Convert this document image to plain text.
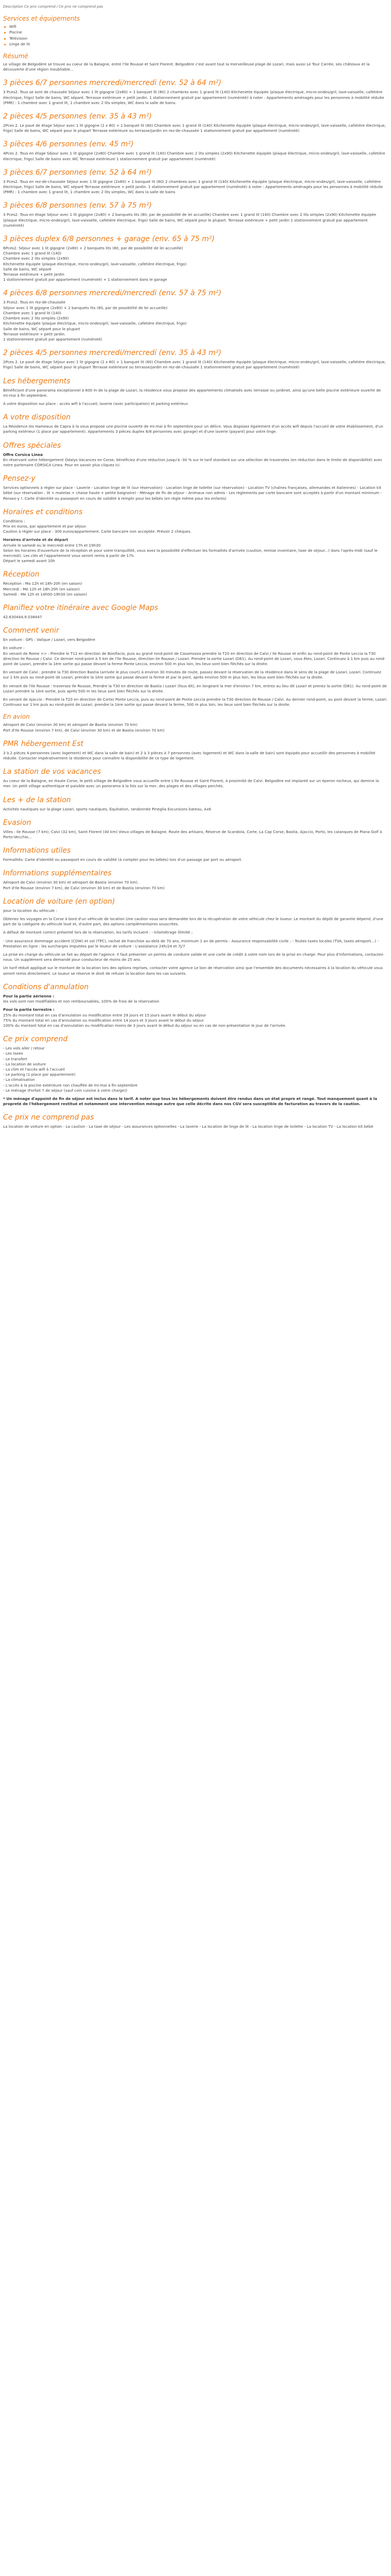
Description Ce prix comprend / Ce prix ne comprend pas
Services et équipements
Wifi
Piscine
Télévision
Linge de lit
Résumé

Le village de Belgodère se trouve au coeur de la Balagne, entre l'Ile Rousse et Saint Florent. Belgodère c'est avant tout la merveilleuse plage de Lozari, mais aussi Le Tour Carrée, ses châteaux et la découverte d'une région inoubliable...

3 pièces 6/7 personnes mercredi/mercredi (env. 52 à 64 m²)

3 Pces2. Tous se sont de chaussée Séjour avec 1 lit gigogne (2x80) + 1 banquet lit (80) 2 chambres avec 1 grand lit (140) Kitchenette équipée (plaque électrique, micro-ondes/gril, lave-vaisselle, cafetière électrique, frigo) Salle de bains, WC séparé. Terrasse extérieure + petit jardin. 1 stationnement gratuit par appartement (numéroté) à noter : Appartements aménagés pour les personnes à mobilité réduite (PMR) : 1 chambre avec 1 grand lit, 1 chambre avec 2 lits simples, WC dans la salle de bains.

2 pièces 4/5 personnes (env. 35 à 43 m²)

2Pces 2. Le pavé de étage Séjour avec 1 lit gigogne (2 x 80) + 1 banquet lit (80) Chambre avec 1 grand lit (140) Kitchenette équipée (plaque électrique, micro-ondes/gril, lave-vaisselle, cafetière électrique, frigo) Salle de bains, WC séparé pour le plupart Terrasse extérieure ou terrasse/jardin en rez-de-chaussée 1 stationnement gratuit par appartement (numéroté)

3 pièces 4/6 personnes (env. 45 m²)

4Pces 2. Tous en étage Séjour avec 1 lit gigogne (2x80) Chambre avec 1 grand lit (140) Chambre avec 2 lits simples (2x90) Kitchenette équipée (plaque électrique, micro-ondes/gril, lave-vaisselle, cafetière électrique, frigo) Salle de bains avec WC Terrasse extérieure 1 stationnement gratuit par appartement (numéroté)

3 pièces 6/7 personnes (env. 52 à 64 m²)

3 Pces2. Tous en rez-de-chaussée Séjour avec 1 lit gigogne (2x80) + 1 banquet lit (80) 2 chambres avec 1 grand lit (140) Kitchenette équipée (plaque électrique, micro-ondes/gril, lave-vaisselle, cafetière électrique, frigo) Salle de bains, WC séparé Terrasse extérieure + petit jardin. 1 stationnement gratuit par appartement (numéroté) à noter : Appartements aménagés pour les personnes à mobilité réduite (PMR) : 1 chambre avec 1 grand lit, 1 chambre avec 2 lits simples, WC dans la salle de bains

3 pièces 6/8 personnes (env. 57 à 75 m²)

3 Pces2. Tous en étage Séjour avec 1 lit gigogne (2x80) + 2 banquets lits (80, par de possibilité de lei accueille) Chambre avec 1 grand lit (140) Chambre avec 2 lits simples (2x90) Kitchenette équipée (plaque électrique, micro-ondes/gril, lave-vaisselle, cafetière électrique, frigo) Salle de bains, WC séparé pour le plupart. Terrasse extérieure + petit jardin 1 stationnement gratuit par appartement (numéroté)

3 pièces duplex 6/8 personnes + garage (env. 65 à 75 m²)
6Pces2. Séjour avec 1 lit gigogne (2x80) + 2 banquets lits (80, par de possibilité de lei accueille)
Chambre avec 1 grand lit (140)
Chambre avec 2 lits simples (2x90)
Kitchenette équipée (plaque électrique, micro-ondes/gril, lave-vaisselle, cafetière électrique, frigo)
Salle de bains, WC séparé
Terrasse extérieure + petit jardin
1 stationnement gratuit par appartement (numéroté) + 1 stationnement dans le garage
4 pièces 6/8 personnes mercredi/mercredi (env. 57 à 75 m²)
3 Pces2. Tous en rez-de-chaussée
Séjour avec 1 lit gigogne (2x80) + 2 banquets lits (80, par de possibilité de lei accueille)
Chambre avec 1 grand lit (140)
Chambre avec 2 lits simples (2x90)
Kitchenette équipée (plaque électrique, micro-ondes/gril, lave-vaisselle, cafetière électrique, frigo)
Salle de bains, WC séparé pour le plupart
Terrasse extérieure + petit jardin.
1 stationnement gratuit par appartement (numéroté)
2 pièces 4/5 personnes mercredi/mercredi (env. 35 à 43 m²)

2Pces 2. Le pavé de étage Séjour avec 1 lit gigogne (2 x 80) + 1 banquet lit (80) Chambre avec 1 grand lit (140) Kitchenette équipée (plaque électrique, micro-ondes/gril, lave-vaisselle, cafetière électrique, frigo) Salle de bains, WC séparé pour le plupart Terrasse extérieure ou terrasse/jardin en rez-de-chaussée 1 stationnement gratuit par appartement (numéroté)

Les hébergements

Bénéficiant d'une panorama exceptionnel à 600 m de la plage de Lozari, la résidence vous propose des appartements climatisés avec terrasse ou jardinet, ainsi qu'une belle piscine extérieure ouverte de mi-mai à fin septembre.

À votre disposition sur place : accès wifi à l'accueil, laverie (avec participation) et parking extérieur.

A votre disposition

La Résidence les Hameaux de Capra à la vous propose une piscine ouverte de mi-mai à fin septembre pour un délice. Vous disposez également d'un accès wifi depuis l'accueil de votre établissement, d'un parking extérieur (1 place par appartement). Appartements 3 pièces duplex 6/8 personnes avec garage) et d'une laverie (payant) pour votre linge.

Offres spéciales

Offre Corsica Linea

En réservant votre hébergement Odalys Vacances en Corse, bénéficiez d'une réduction jusqu'à -30 % sur le tarif standard sur une sélection de traversées (en réduction dans le limite de disponibilité) avec notre partenaire CORSICA Linea. Pour en savoir plus cliquez ici.

Pensez-y

Services optionnels à régler sur place - Laverie - Location linge de lit (sur réservation) - Location linge de toilette (sur réservation) - Location TV (chaînes françaises, allemandes et italiennes) - Location kit bébé (sur réservation : lit + matelas + chaise haute + petite baignoire) - Ménage de fin de séjour - Animaux non admis - Les règlements par carte bancaire sont acceptés à partir d'un montant minimum - Pensez-y !: Carte d'identité ou passeport en cours de validité à remplir pour les bébés (en règle même pour les enfants)

Horaires et conditions
Conditions :
Prix en euros, par appartement et par séjour.
Caution à régler sur place : 300 euros/appartement. Carte bancaire non acceptée. Prévoir 2 chèques.
Horaires d'arrivée et de départ
Arrivée le samedi ou le mercredi entre 17h et 19h30
Selon les horaires d'ouverture de la réception et pour votre tranquillité, vous avez la possibilité d'effectuer les formalités d'arrivée (caution, remise inventaire, taxe de séjour...) dans l'après-midi (sauf le mercredi). Les clés et l'appartement vous seront remis à partir de 17h.
Départ le samedi avant 10h
Réception
Réception : Ma 12h et 18h-20h (en saison)
Mercredi : Me 12h et 18h-20h (en saison)
Samedi : Me 12h et 14h00-19h30 (en saison)
Planifiez votre itinéraire avec Google Maps

42.630444,9.038447

Comment venir

En voiture : GPS : Valique / Lozari, vers Belgodère

En voiture :

En venant de Rome => : Prendre le T12 en direction de Bonifacio, puis au grand rond-point de Casamozza prendre la T20 en direction de Calvi / Ile Rousse et enfin au rond-point de Ponte Leccia la T30 direction Ile Rousse / Calvi. Ce dernier rond-point à 5 km de l'Ile Rousse, direction Ile Rousse / Lozari. Prendre la sortie Lozari (D81). Au rond-point de Lozari, vous êtes, Lozari. Continuez à 1 km puis au rond-point de Lozari, prendre la 1ère sortie qui passe devant la ferme Ponte Leccia, environ 500 m plus loin, les lieux sont bien fléchés sur la droite.

En venant de Calvi : prendre la T30 direction Bastia (arrivée le plus court) à environ 30 minutes de route, passez devant la réservation de la résidence dans le sens de la plage de Lozari, Lozari. Continuez sur 1 km puis au rond-point de Lozari, prendre la 1ère sortie qui passe devant la ferme et par le pont, après environ 500 m plus loin, les lieux sont bien fléchés sur la droite.

En venant de l'Ile Rousse : traversez Ile Rousse, Prendre la T30 en direction de Bastia / Lozari (fous dit), en longeant la mer d'environ 7 km, entrez au lieu dit Lozari et prenez la sortie (D81). Au rond-point de Lozari prendre la 1ère sortie, puis après 500 m les lieux sont bien fléchés sur la droite.

En venant de Ajaccio : Prendre la T20 en direction de Corte/ Ponte Leccia, puis au rond-point de Ponte Leccia prendre la T30 direction Ile Rousse / Calvi. Au dernier rond-point, au pont devant la ferme, Lozari. Continuez sur 1 km puis au rond-point de Lozari, prendre la 1ère sortie qui passe devant la ferme, 500 m plus loin, les lieux sont bien fléchés sur la droite.

En avion
Aéroport de Calvi (environ 30 km) et aéroport de Bastia (environ 70 km)
Port d'Ile Rousse (environ 7 km), de Calvi (environ 30 km) et de Bastia (environ 70 km)
PMR hébergement Est

3 à 2 pièces 4 personnes (avec logement) et WC dans la salle de bain) et 2 à 3 pièces à 7 personnes (avec logement) et WC dans la salle de bain) sont équipés pour accueillir des personnes à mobilité réduite. Contacter impérativement la résidence pour connaître la disponibilité de ce type de logement.

La station de vos vacances

Au coeur de la Balagne, en Haute Corse, le petit village de Belgodère vous accueille entre L'Ile Rousse et Saint Florent, à proximité de Calvi. Belgodère est implanté sur un éperon rocheux, qui domine la mer. Un petit village authentique et paisible avec un panorama à la fois sur la mer, des plages et des villages perchés.

Les + de la station

Activités nautiques sur la plage Lozari, sports nautiques, Équitation, randonnée Pineglia Excursions bateau, Ax6

Evasion

Villes : Ile Rousse (7 km), Calvi (32 km), Saint Florent (40 km) Vieux villages de Balagne. Route des artisans, Réserve de Scandola, Corte, La Cap Corse, Bastia, Ajaccio, Porto, les calanques de Piana Golf à Porto-Vecchio...

Informations utiles

Formalités: Carte d'identité ou passeport en cours de validité (à compter pour les bébés) lors d'un passage par port ou aéroport.

Informations supplémentaires
Aéroport de Calvi (environ 30 km) et aéroport de Bastia (environ 70 km).
Port d'Ile Rousse (environ 7 km), de Calvi (environ 30 km) et de Bastia (environ 70 km)
Location de voiture (en option)

pour la location du véhicule :

Obtenez les voyages en la Corse à bord d'un véhicule de location Une caution vous sera demandée lors de la récupération de votre véhicule chez le loueur. Le montant du dépôt de garantie dépend, d'une part de la catégorie du véhicule loué et, d'autre part, des options complémentaires souscrites.

A défaut de montant correct présenté lors de la réservation, les tarifs incluent : - kilométrage illimité ;

- Une assurance dommage accident (CDW) et vol (TPC), rachat de franchise au-delà de 70 ans, minimum 1 an de permis - Assurance responsabilité civile ; - Toutes taxes locales (TVA, taxes aéroport...) - Prestation en ligne : les surcharges imputées par le loueur de voiture - L'assistance 24h/24 et 7j/7

La prise en charge du véhicule se fait au départ de l'agence. Il faut présenter un permis de conduire valide et une carte de crédit à votre nom lors de la prise en charge. Pour plus d'informations, contactez-nous. Un supplément sera demandé pour conducteur de moins de 25 ans.

Un tarif réduit appliqué sur le montant de la location lors des options reprises, contacter votre agence Le bon de réservation ainsi que l'ensemble des documents nécessaires à la location du véhicule vous seront remis directement. Le loueur se réserve le droit de refuser la location dans les cas suivants.

Conditions d'annulation

Pour la partie aérienne :

les vols sont non modifiables et non remboursables, 100% de frais de la réservation

Pour la partie terrestre :

25% du montant total en cas d'annulation ou modification entre 29 jours et 15 jours avant le début du séjour
75% du montant total en cas d'annulation ou modification entre 14 jours et 3 jours avant le début du séjour
100% du montant total en cas d'annulation ou modification moins de 3 jours avant le début du séjour ou en cas de non-présentation le jour de l'arrivée.
Ce prix comprend
- Les vols aller / retour
- Les taxes
- Le transfert
- La location de voiture
- La clim et l'accès wifi à l'accueil
- Le parking (1 place par appartement)
- La climatisation
- L'accès à la piscine extérieure non chauffée de mi-mai à fin septembre
- Le ménage (Forfait 7 de séjour (sauf coin cuisine à votre charge))

* Un ménage d'appoint de fin de séjour est inclus dans le tarif. A noter que tous les hébergements doivent être rendus dans un état propre et rangé. Tout manquement quant à la propreté de l'hébergement restitué et notamment une intervention ménage autre que celle décrite dans nos CGV sera susceptible de facturation au travers de la caution.

Ce prix ne comprend pas

La location de voiture en option - La caution - La taxe de séjour - Les assurances optionnelles - La laverie - La location de linge de lit - La location linge de toilette - La location TV - La location kit bébé
